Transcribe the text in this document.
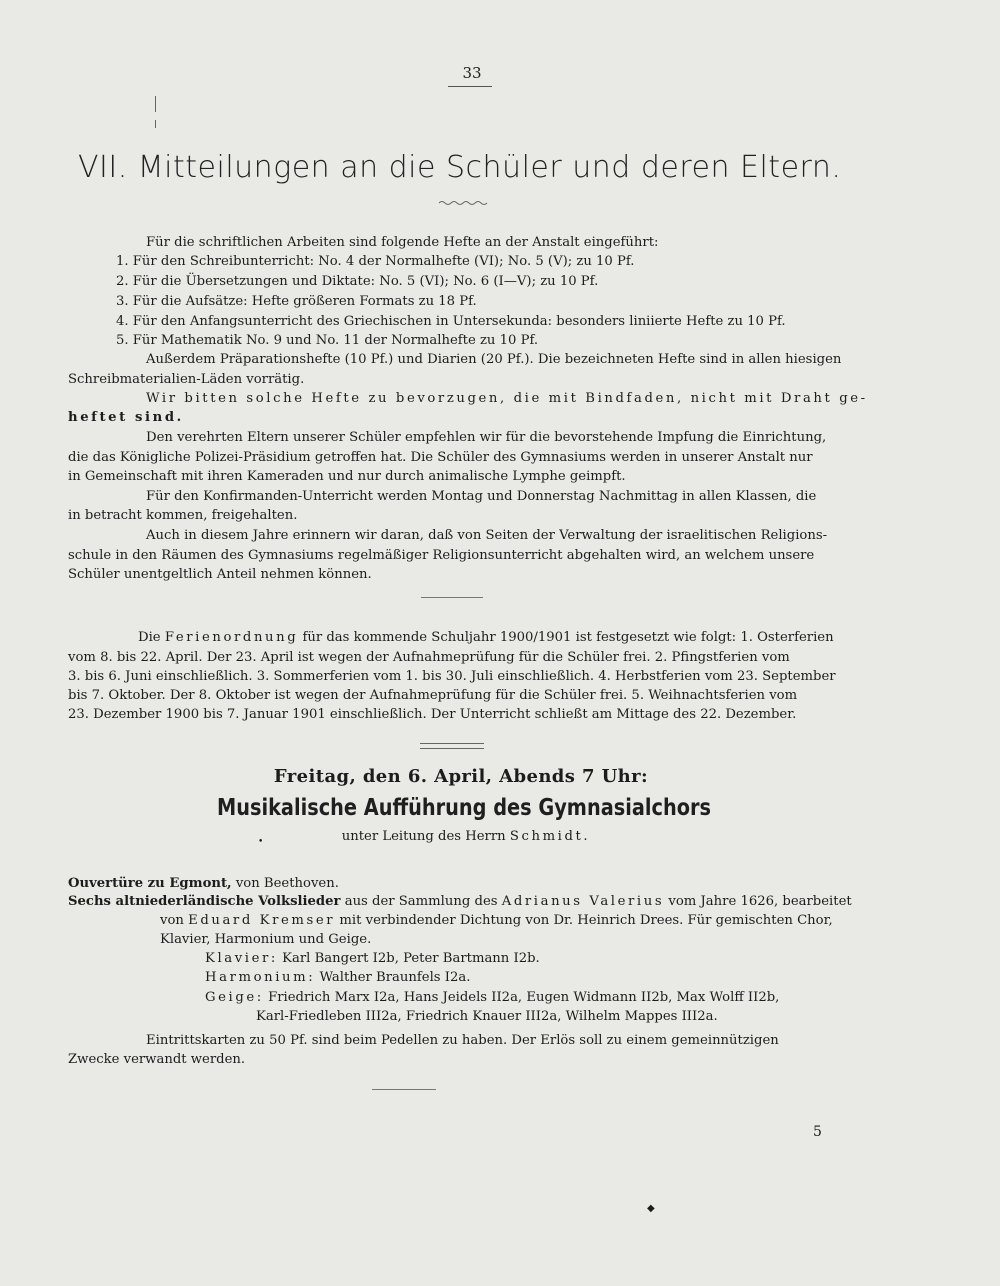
33
VII. Mitteilungen an die Schüler und deren Eltern.
Für die schriftlichen Arbeiten sind folgende Hefte an der Anstalt eingeführt:
1. Für den Schreibunterricht: No. 4 der Normalhefte (VI); No. 5 (V); zu 10 Pf.
2. Für die Übersetzungen und Diktate: No. 5 (VI); No. 6 (I—V); zu 10 Pf.
3. Für die Aufsätze: Hefte größeren Formats zu 18 Pf.
4. Für den Anfangsunterricht des Griechischen in Untersekunda: besonders liniierte Hefte zu 10 Pf.
5. Für Mathematik No. 9 und No. 11 der Normalhefte zu 10 Pf.
Außerdem Präparationshefte (10 Pf.) und Diarien (20 Pf.). Die bezeichneten Hefte sind in allen hiesigen
Schreibmaterialien-Läden vorrätig.
Wir bitten solche Hefte zu bevorzugen, die mit Bindfaden, nicht mit Draht ge-
heftet sind.
Den verehrten Eltern unserer Schüler empfehlen wir für die bevorstehende Impfung die Einrichtung,
die das Königliche Polizei-Präsidium getroffen hat. Die Schüler des Gymnasiums werden in unserer Anstalt nur
in Gemeinschaft mit ihren Kameraden und nur durch animalische Lymphe geimpft.
Für den Konfirmanden-Unterricht werden Montag und Donnerstag Nachmittag in allen Klassen, die
in betracht kommen, freigehalten.
Auch in diesem Jahre erinnern wir daran, daß von Seiten der Verwaltung der israelitischen Religions-
schule in den Räumen des Gymnasiums regelmäßiger Religionsunterricht abgehalten wird, an welchem unsere
Schüler unentgeltlich Anteil nehmen können.
Die Ferienordnung für das kommende Schuljahr 1900/1901 ist festgesetzt wie folgt: 1. Osterferien
vom 8. bis 22. April. Der 23. April ist wegen der Aufnahmeprüfung für die Schüler frei. 2. Pfingstferien vom
3. bis 6. Juni einschließlich. 3. Sommerferien vom 1. bis 30. Juli einschließlich. 4. Herbstferien vom 23. September
bis 7. Oktober. Der 8. Oktober ist wegen der Aufnahmeprüfung für die Schüler frei. 5. Weihnachtsferien vom
23. Dezember 1900 bis 7. Januar 1901 einschließlich. Der Unterricht schließt am Mittage des 22. Dezember.
Freitag, den 6. April, Abends 7 Uhr:
Musikalische Aufführung des Gymnasialchors
unter Leitung des Herrn Schmidt.
•
Ouvertüre zu Egmont, von Beethoven.
Sechs altniederländische Volkslieder aus der Sammlung des Adrianus Valerius vom Jahre 1626, bearbeitet
von Eduard Kremser mit verbindender Dichtung von Dr. Heinrich Drees. Für gemischten Chor,
Klavier, Harmonium und Geige.
Klavier: Karl Bangert I2b, Peter Bartmann I2b.
Harmonium: Walther Braunfels I2a.
Geige: Friedrich Marx I2a, Hans Jeidels II2a, Eugen Widmann II2b, Max Wolff II2b,
Karl-Friedleben III2a, Friedrich Knauer III2a, Wilhelm Mappes III2a.
Eintrittskarten zu 50 Pf. sind beim Pedellen zu haben. Der Erlös soll zu einem gemeinnützigen
Zwecke verwandt werden.
5
◆
